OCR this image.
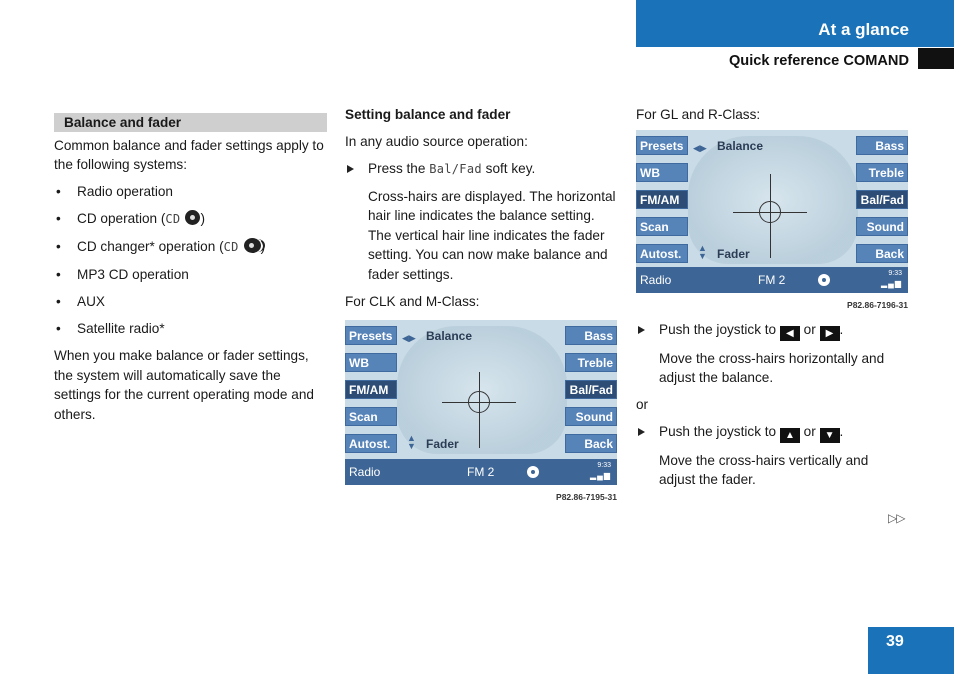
At a glance
Quick reference COMAND
Balance and fader

Common balance and fader settings apply to the following systems:

• Radio operation
• CD operation (CD )
• CD changer* operation (CD
• MP3 CD operation
• AUX
• Satellite radio*

When you make balance or fader settings, the system will automatically save the settings for the current operating mode and others.

Setting balance and fader

In any audio source operation:

Press the Bal/Fad soft key.
Cross-hairs are displayed. The horizontal hair line indicates the balance setting. The vertical hair line indicates the fader setting. You can now make balance and fader settings.

For CLK and M-Class:

Presets
WB
FM/AM
Scan
Autost.
Bass
Treble
Bal/Fad
Sound
Back
◀▶ Balance
▲
▼ Fader
Radio	FM 2	9:33
▂▄▆
P82.86-7195-31

For GL and R-Class:

Presets
WB
FM/AM
Scan
Autost.
Bass
Treble
Bal/Fad
Sound
Back
◀▶ Balance
▲
▼ Fader
Radio	FM 2	9:33
▂▄▆
P82.86-7196-31
Push the joystick to ◀ or ▶ .
Move the cross-hairs horizontally and adjust the balance.

or

Push the joystick to ▲ or ▼ .
Move the cross-hairs vertically and adjust the fader.
▷▷
39
